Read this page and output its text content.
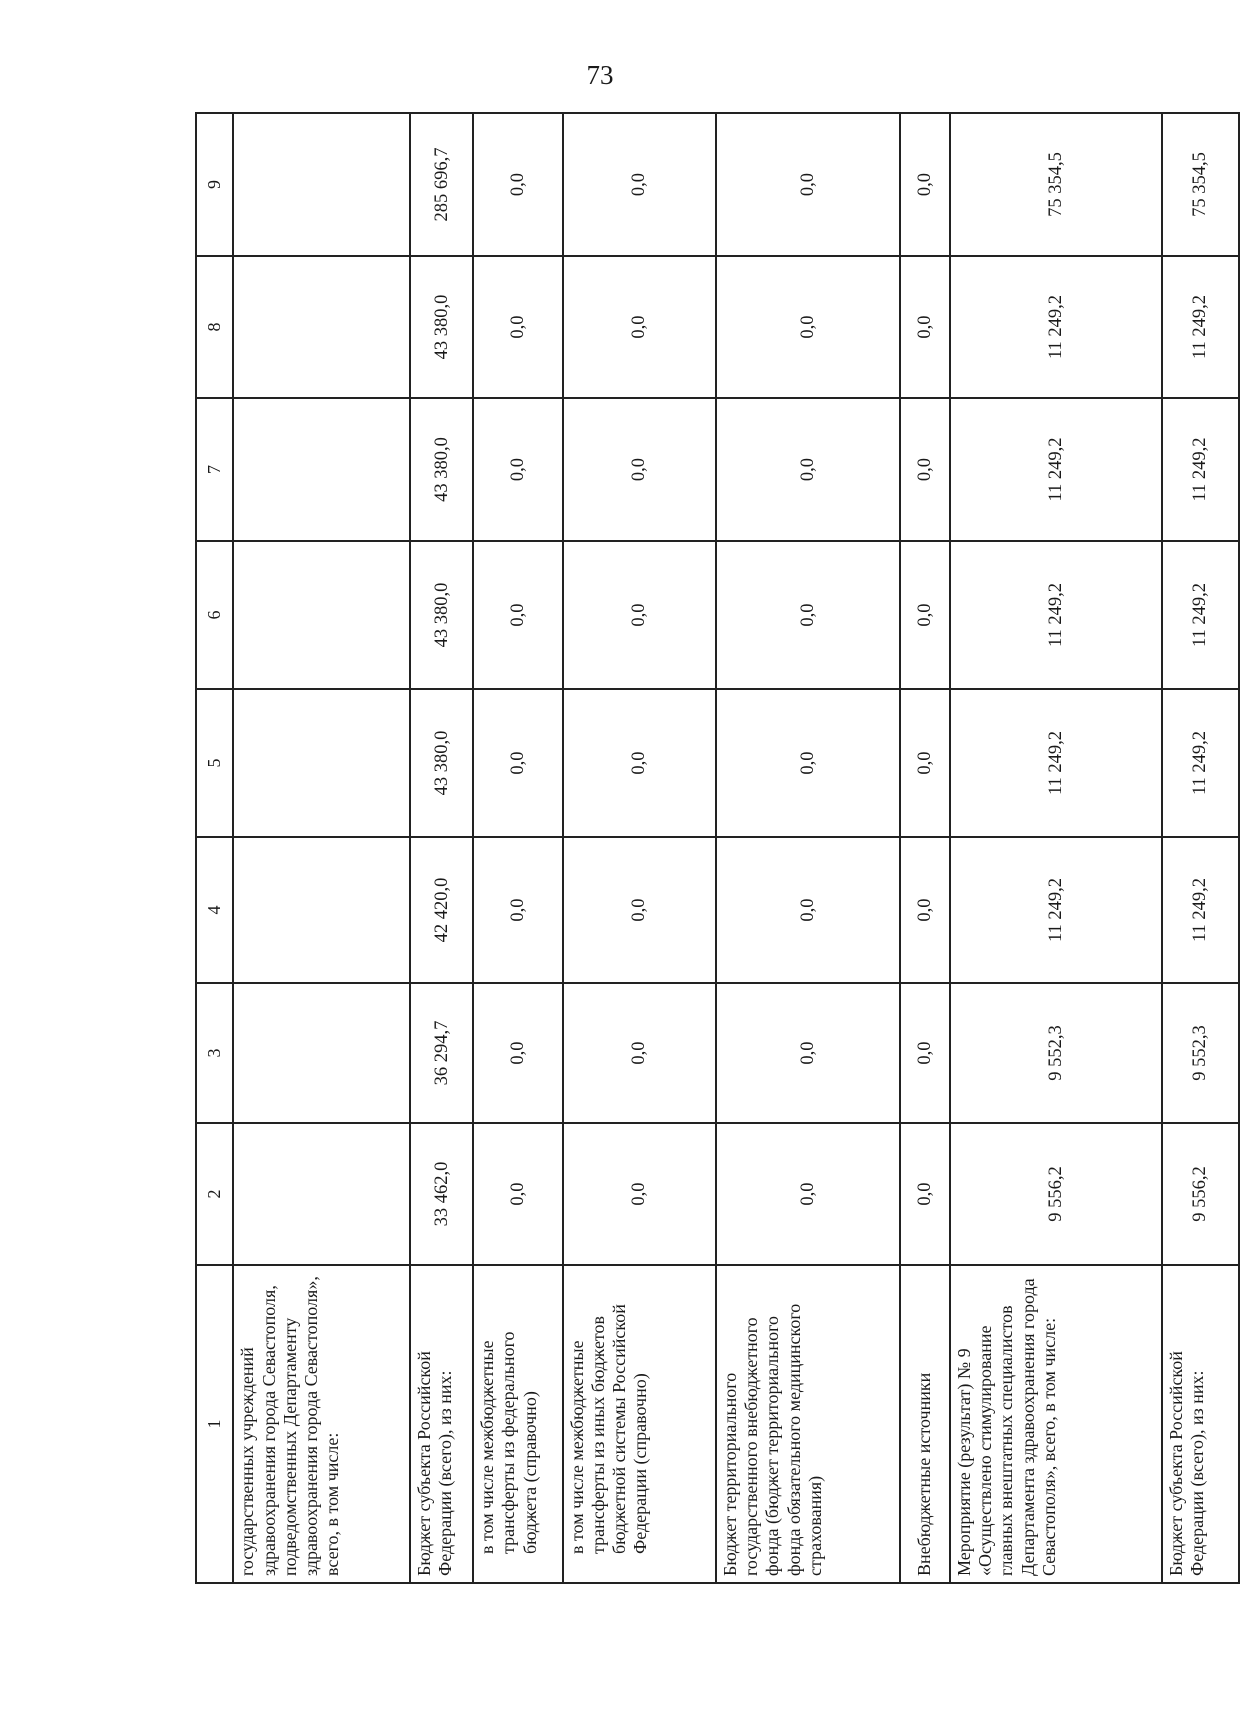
73
1	2	3	4	5	6	7	8	9
государственных учреждений здравоохранения города Севастополя, подведомственных Департаменту здравоохранения города Севастополя», всего, в том числе:								
Бюджет субъекта Российской Федерации (всего), из них:	33 462,0	36 294,7	42 420,0	43 380,0	43 380,0	43 380,0	43 380,0	285 696,7
в том числе межбюджетные трансферты из федерального бюджета (справочно)	0,0	0,0	0,0	0,0	0,0	0,0	0,0	0,0
в том числе межбюджетные трансферты из иных бюджетов бюджетной системы Российской Федерации (справочно)	0,0	0,0	0,0	0,0	0,0	0,0	0,0	0,0
Бюджет территориального государственного внебюджетного фонда (бюджет территориального фонда обязательного медицинского страхования)	0,0	0,0	0,0	0,0	0,0	0,0	0,0	0,0
Внебюджетные источники	0,0	0,0	0,0	0,0	0,0	0,0	0,0	0,0
Мероприятие (результат) № 9 «Осуществлено стимулирование главных внештатных специалистов Департамента здравоохранения города Севастополя», всего, в том числе:	9 556,2	9 552,3	11 249,2	11 249,2	11 249,2	11 249,2	11 249,2	75 354,5
Бюджет субъекта Российской Федерации (всего), из них:	9 556,2	9 552,3	11 249,2	11 249,2	11 249,2	11 249,2	11 249,2	75 354,5
